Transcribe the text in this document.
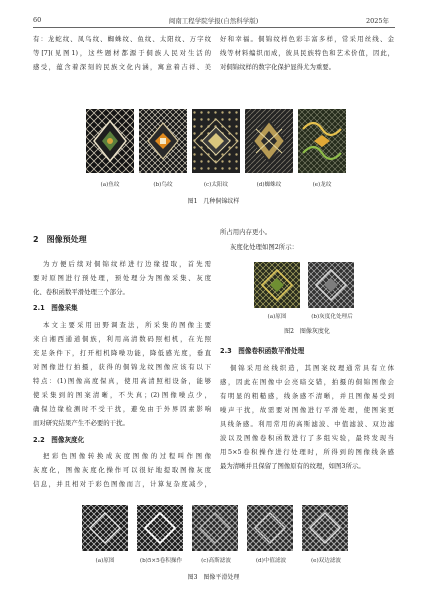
60	闽南工程学院学报(自然科学版)	2025年
有：龙蛇纹、凤鸟纹、蜘蛛纹、鱼纹、太阳纹、万字纹
等[7](见图1)，这些题材都源于侗族人民对生活的
感受，蕴含着深刻的民族文化内涵，寓意着吉祥、美
好和幸福。侗锦纹样色彩丰富多样，常采用丝线、金
线等材料编织而成，彼具民族特色和艺术价值，因此，
对侗锦纹样的数字化保护显得尤为重要。
(a)鱼纹	(b)鸟纹	(c)太阳纹	(d)蜘蛛纹	(e)龙纹
图1　几种侗锦纹样
2　图像预处理
为方便后续对侗锦纹样进行边缘提取，首先需
要对原图进行预处理，预处理分为图像采集、灰度
化、卷积函数平滑处理三个部分。
2.1　图像采集
本文主要采用田野调查法，所采集的图像主要
来自湘西通道侗族，利用高清数码照相机，在光照
充足条件下，打开相机降噪功能，降低感光度，垂直
对图像进行拍摄，获得的侗锦龙纹图像应该有以下
特点：(1)图像高度保真，使用高清照相设备，能够
使采集到的图案清晰，不失真；(2)图像噪点少，
确保边缘检测时不受干扰，避免由于外界因素影响
而对研究结果产生不必要的干扰。
2.2　图像灰度化
把彩色图像转换成灰度图像的过程叫作图像
灰度化，图像灰度化操作可以很好地提取图像灰度
信息，并且相对于彩色图像而言，计算复杂度减少，
所占用内存更小。
灰度化处理如图2所示：
(a)原图	(b)灰度化处理后
图2　图像灰度化
2.3　图像卷积函数平滑处理
侗锦采用丝线织造，其图案纹理通常具有立体
感，因此在图像中会亮暗交错，拍摄的侗锦图像会
有明显的粗糙感，线条感不清晰，并且图像易受到
噪声干扰，故需要对图像进行平滑处理，使图案更
具线条感。利用常用的高斯滤波、中值滤波、双边滤
波以及图像卷积函数进行了多组实验，最终发现当
用5×5卷积操作进行处理时，所得到的图像线条感
最为清晰并且保留了图像原有的纹理，如图3所示。
(a)原图	(b)5×5卷积操作	(c)高斯滤波	(d)中值滤波	(e)双边滤波
图3　图像平滑处理
